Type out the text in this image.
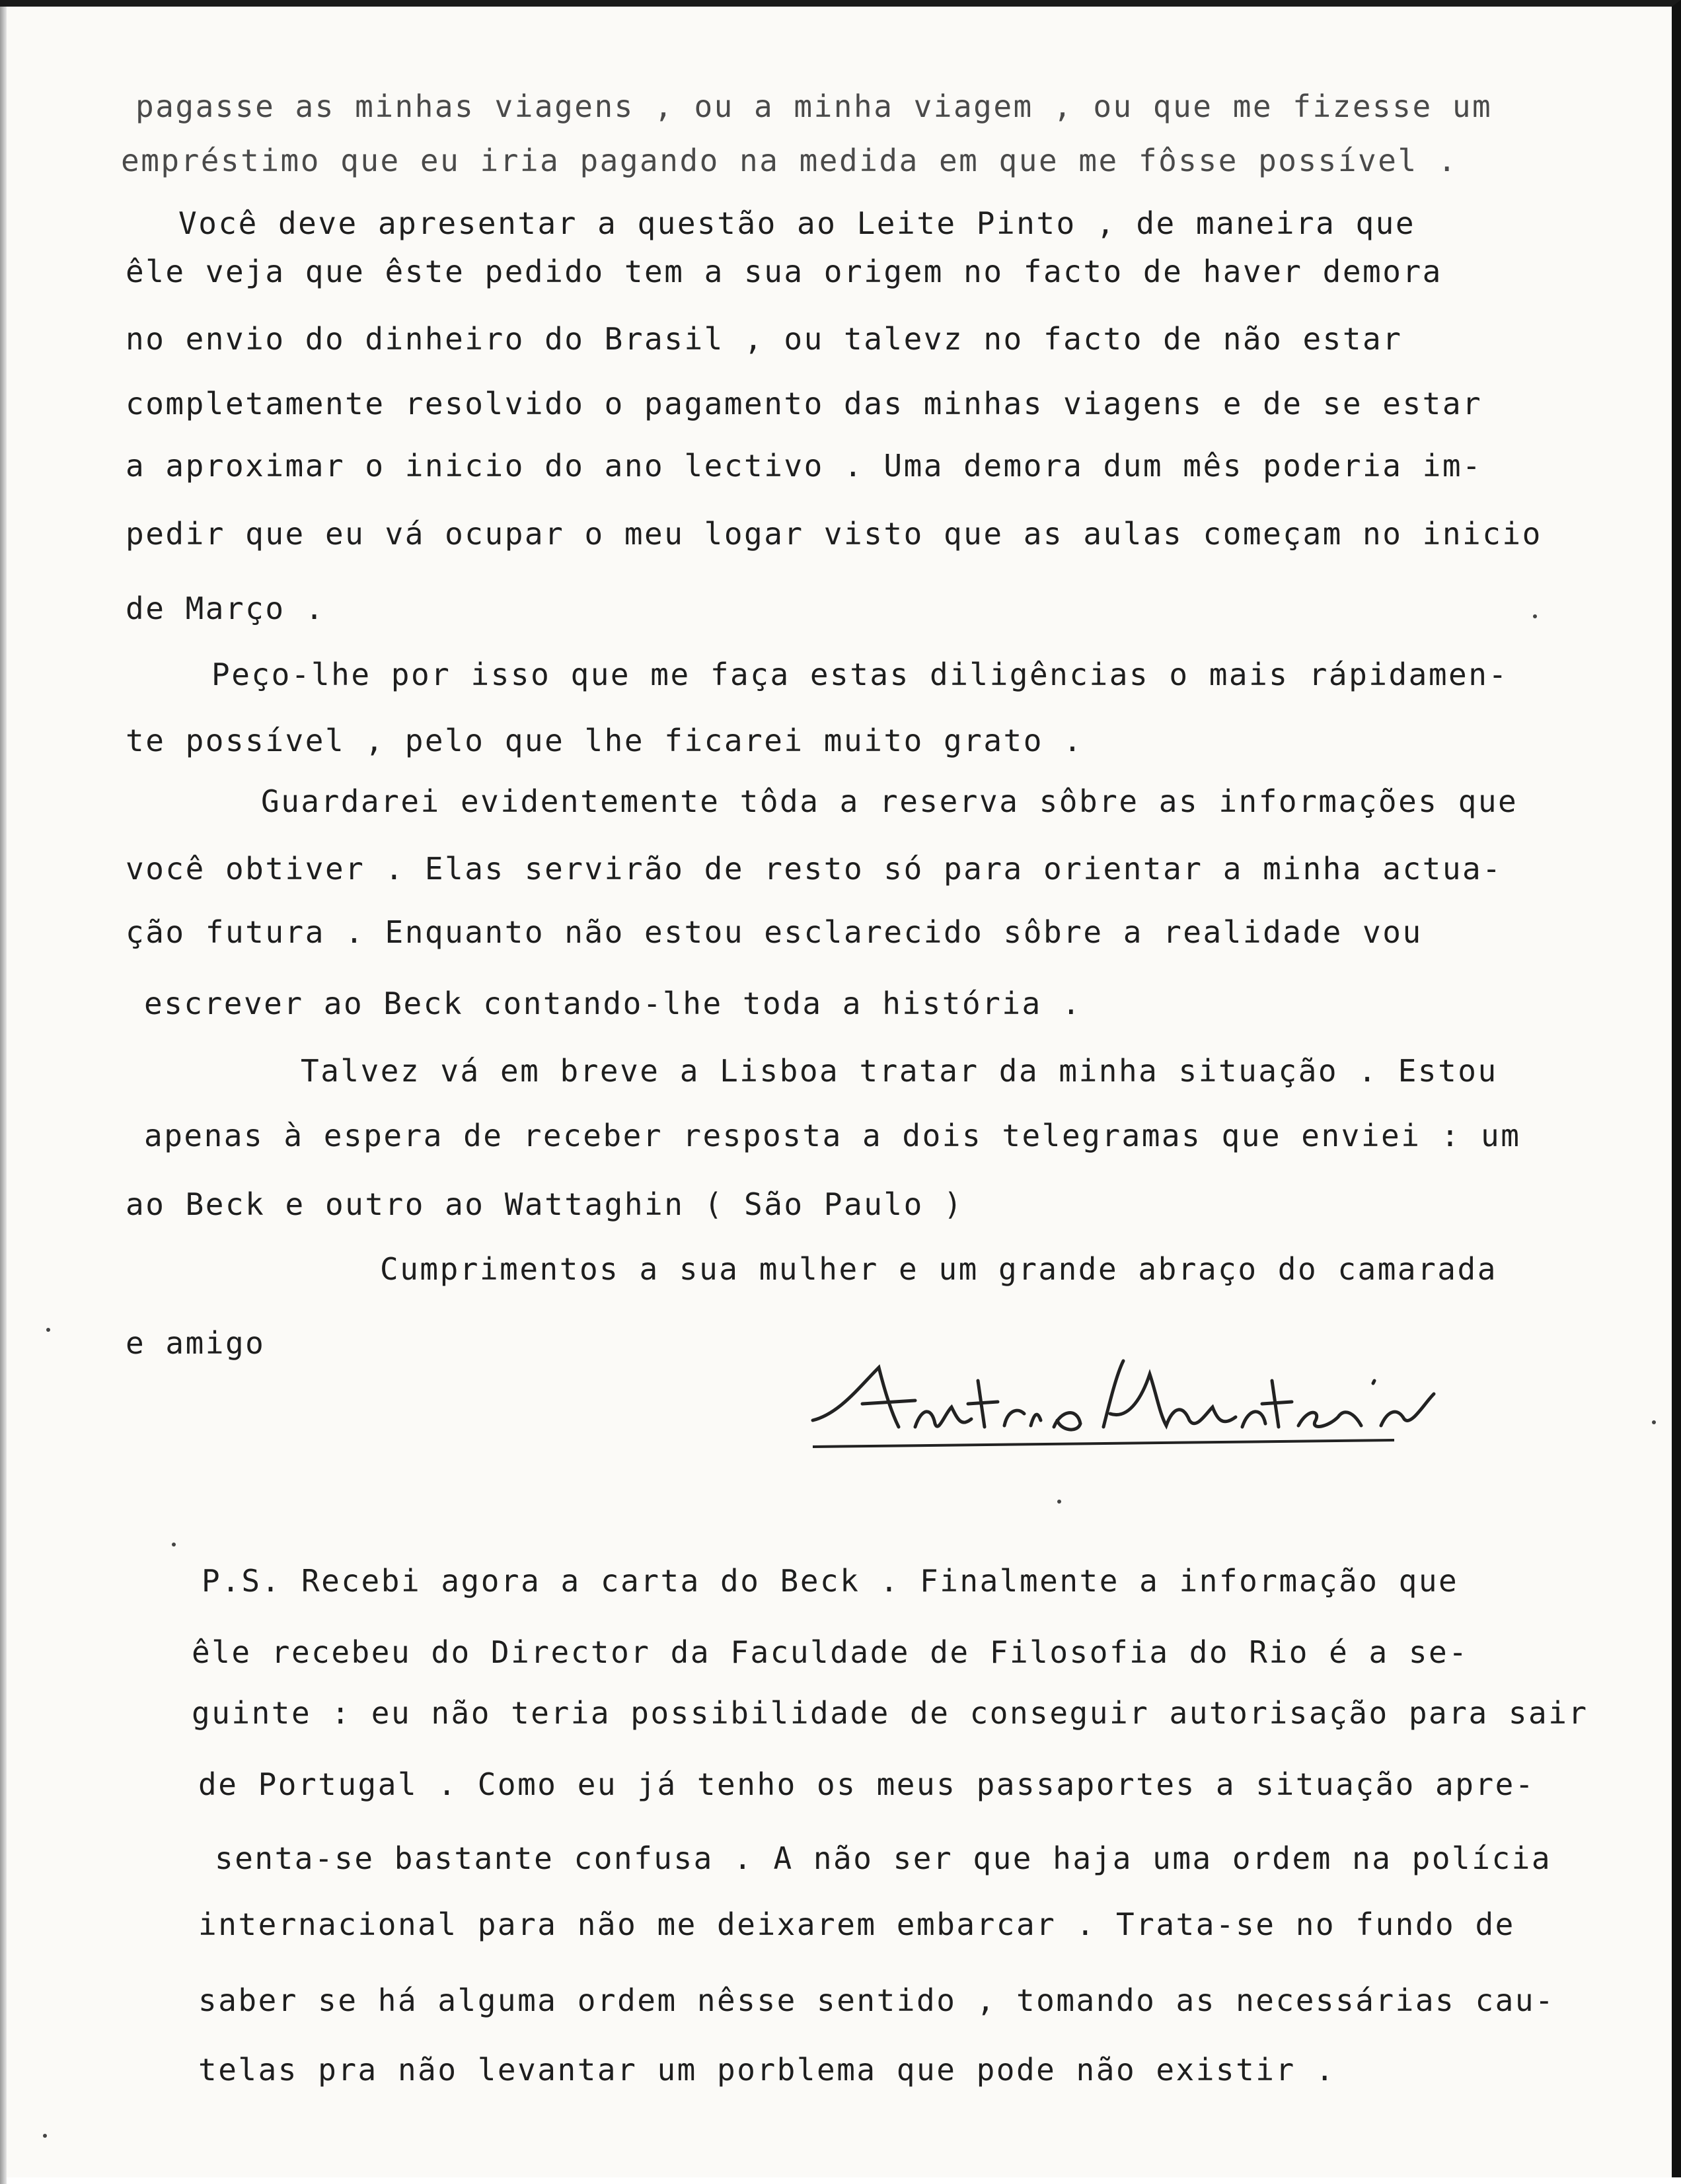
pagasse as minhas viagens , ou a minha viagem , ou que me fizesse um
empréstimo que eu iria pagando na medida em que me fôsse possível .
Você deve apresentar a questão ao Leite Pinto , de maneira que
êle veja que êste pedido tem a sua origem no facto de haver demora
no envio do dinheiro do Brasil , ou talevz no facto de não estar
completamente resolvido o pagamento das minhas viagens e de se estar
a aproximar o inicio do ano lectivo . Uma demora dum mês poderia im-
pedir que eu vá ocupar o meu logar visto que as aulas começam no inicio
de Março .
Peço-lhe por isso que me faça estas diligências o mais rápidamen-
te possível , pelo que lhe ficarei muito grato .
Guardarei evidentemente tôda a reserva sôbre as informações que
você obtiver . Elas servirão de resto só para orientar a minha actua-
ção futura . Enquanto não estou esclarecido sôbre a realidade vou
escrever ao Beck contando-lhe toda a história .
Talvez vá em breve a Lisboa tratar da minha situação . Estou
apenas à espera de receber resposta a dois telegramas que enviei : um
ao Beck e outro ao Wattaghin ( São Paulo )
Cumprimentos a sua mulher e um grande abraço do camarada
e amigo
P.S. Recebi agora a carta do Beck . Finalmente a informação que
êle recebeu do Director da Faculdade de Filosofia do Rio é a se-
guinte : eu não teria possibilidade de conseguir autorisação para sair
de Portugal . Como eu já tenho os meus passaportes a situação apre-
senta-se bastante confusa . A não ser que haja uma ordem na polícia
internacional para não me deixarem embarcar . Trata-se no fundo de
saber se há alguma ordem nêsse sentido , tomando as necessárias cau-
telas pra não levantar um porblema que pode não existir .
